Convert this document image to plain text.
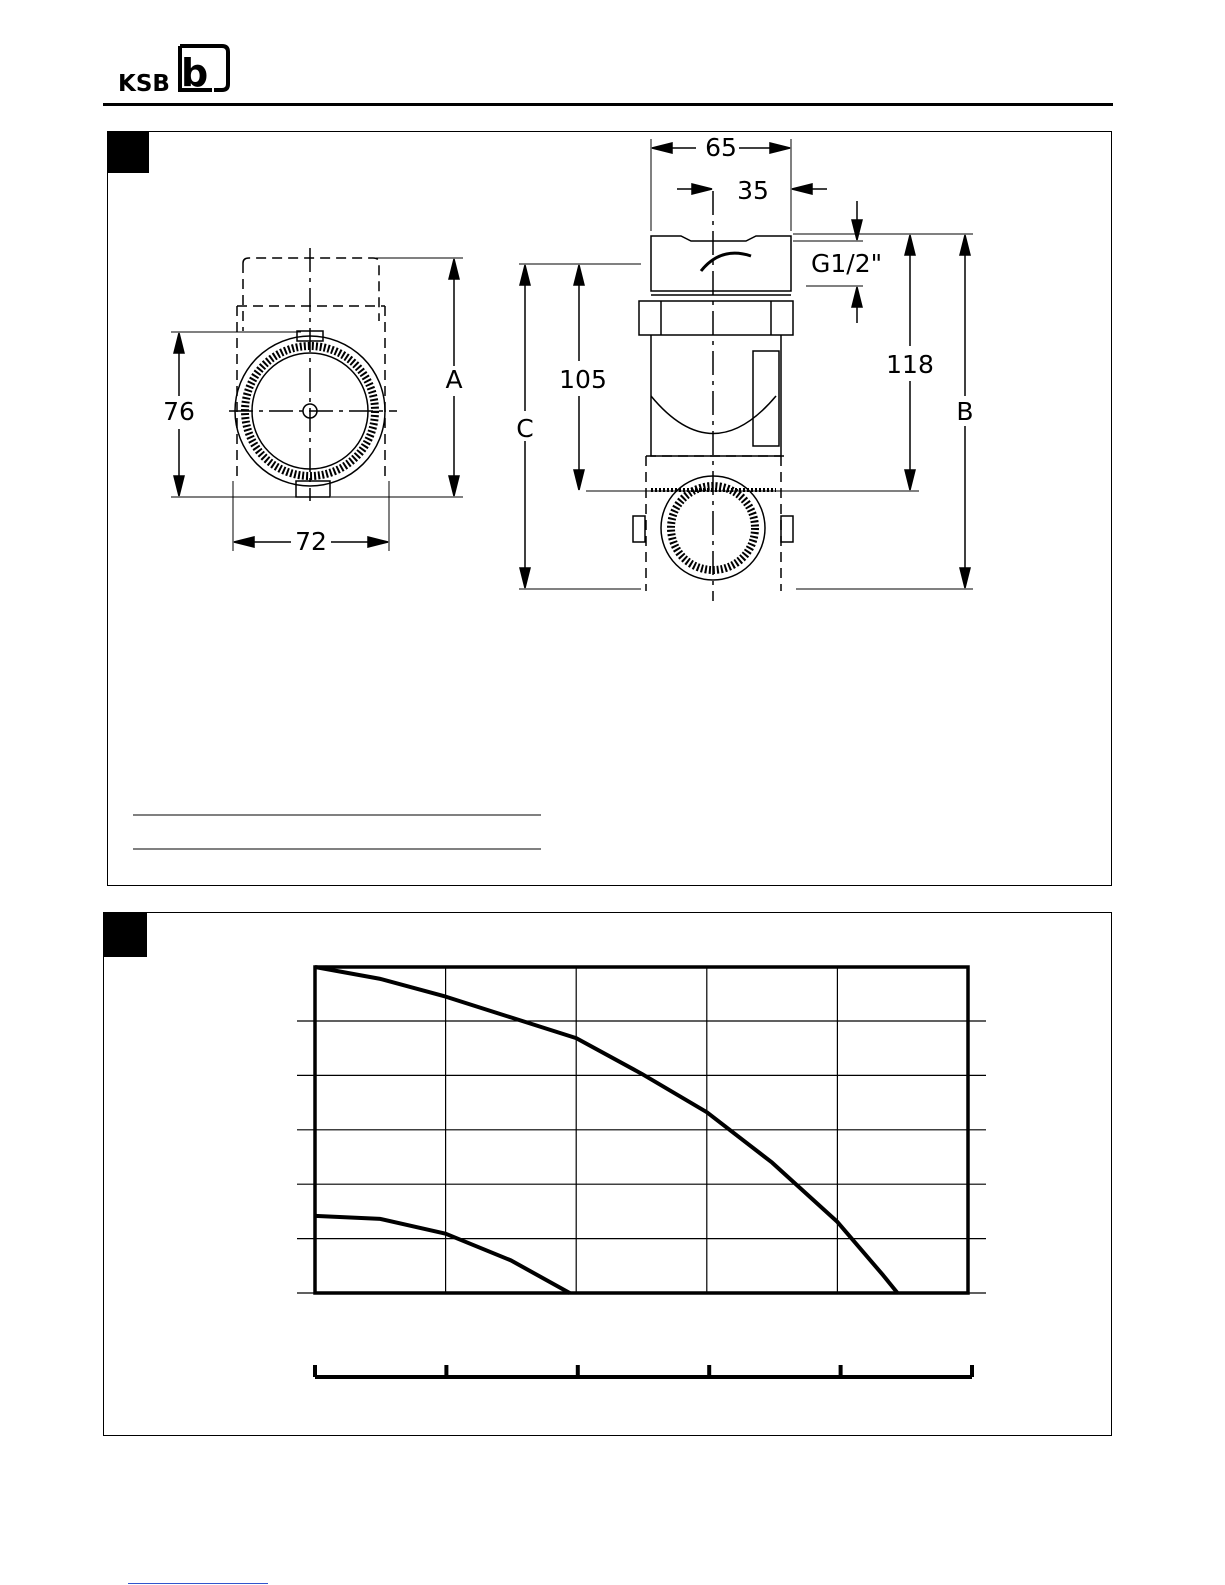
KSB b
65
35
G1/2"
105
118
76
72
A
B
C
